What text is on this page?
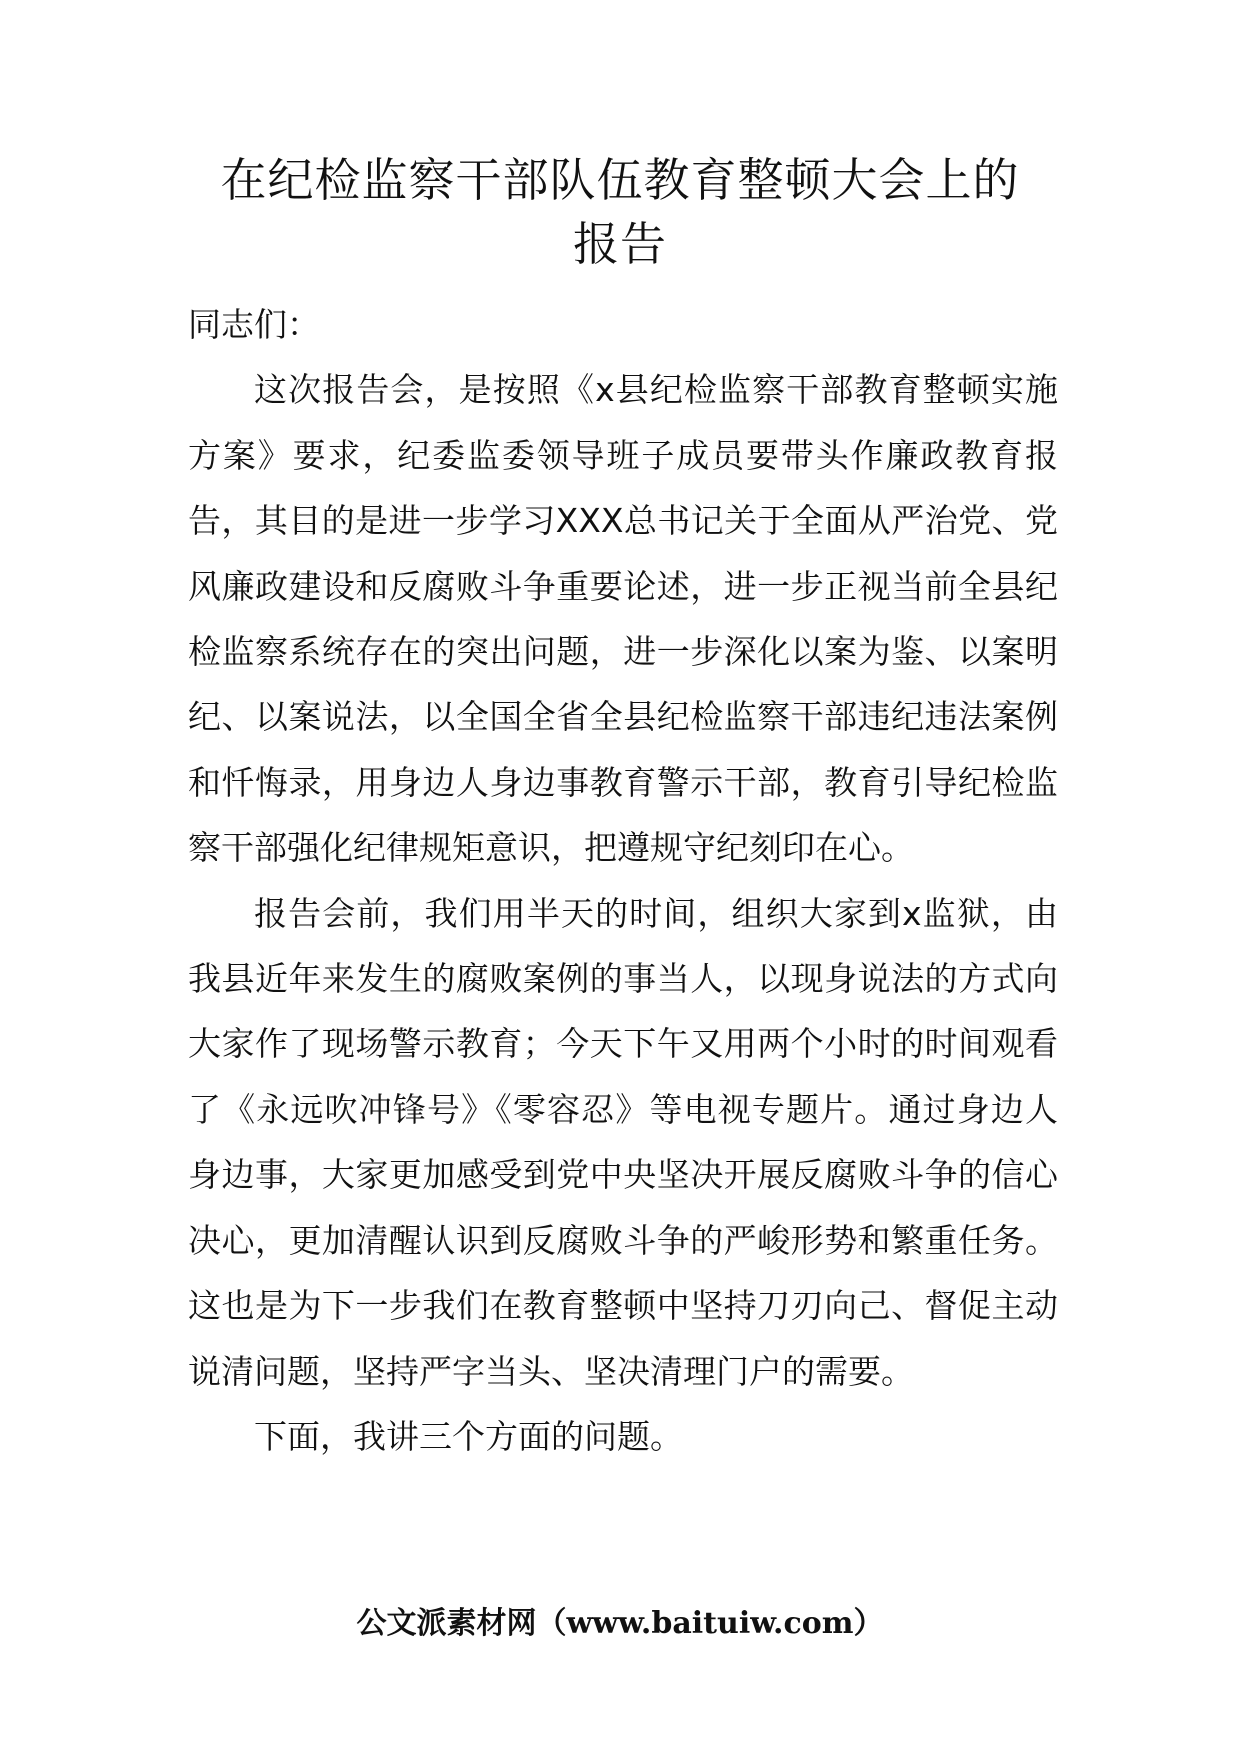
在纪检监察干部队伍教育整顿大会上的
报告

同志们：

这次报告会，是按照《x县纪检监察干部教育整顿实施方案》要求，纪委监委领导班子成员要带头作廉政教育报告，其目的是进一步学习XXX总书记关于全面从严治党、党风廉政建设和反腐败斗争重要论述，进一步正视当前全县纪检监察系统存在的突出问题，进一步深化以案为鉴、以案明纪、以案说法，以全国全省全县纪检监察干部违纪违法案例和忏悔录，用身边人身边事教育警示干部，教育引导纪检监察干部强化纪律规矩意识，把遵规守纪刻印在心。

报告会前，我们用半天的时间，组织大家到x监狱，由我县近年来发生的腐败案例的事当人，以现身说法的方式向大家作了现场警示教育；今天下午又用两个小时的时间观看了《永远吹冲锋号》《零容忍》等电视专题片。通过身边人身边事，大家更加感受到党中央坚决开展反腐败斗争的信心决心，更加清醒认识到反腐败斗争的严峻形势和繁重任务。这也是为下一步我们在教育整顿中坚持刀刃向己、督促主动说清问题，坚持严字当头、坚决清理门户的需要。

下面，我讲三个方面的问题。

公文派素材网（www.baituiw.com）
